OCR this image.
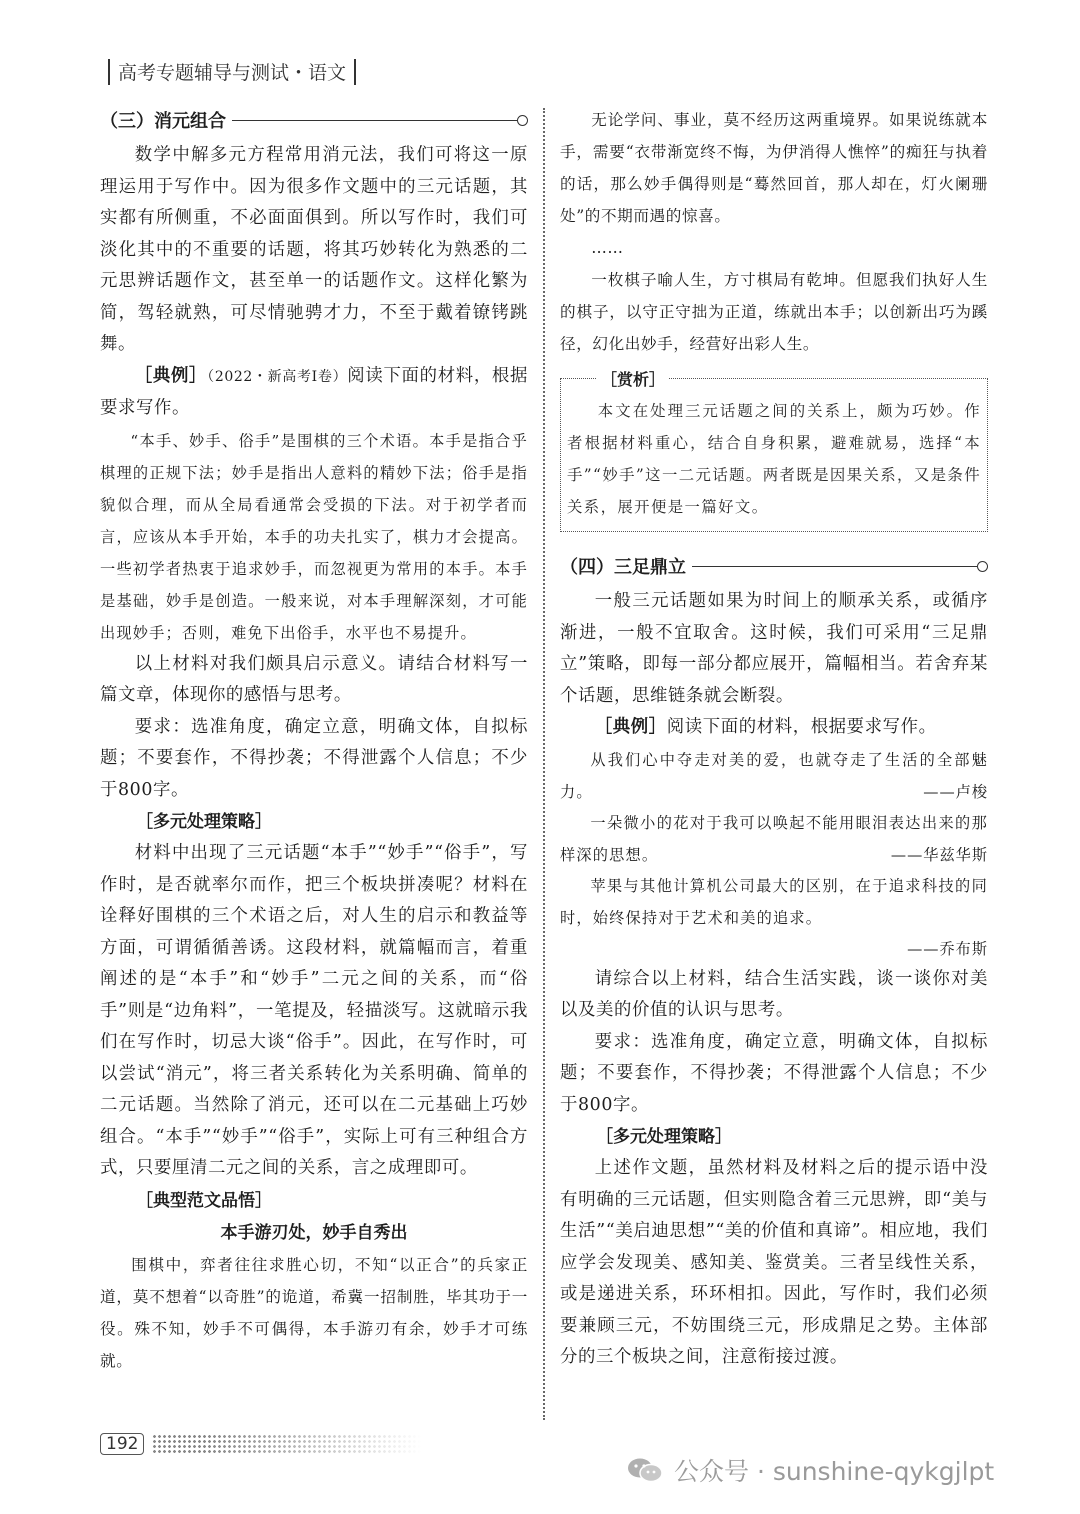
高考专题辅导与测试・语文
（三）消元组合

数学中解多元方程常用消元法，我们可将这一原理运用于写作中。因为很多作文题中的三元话题，其实都有所侧重，不必面面俱到。所以写作时，我们可淡化其中的不重要的话题，将其巧妙转化为熟悉的二元思辨话题作文，甚至单一的话题作文。这样化繁为简，驾轻就熟，可尽情驰骋才力，不至于戴着镣铐跳舞。

［典例］（2022・新高考Ⅰ卷）阅读下面的材料，根据要求写作。

“本手、妙手、俗手”是围棋的三个术语。本手是指合乎棋理的正规下法；妙手是指出人意料的精妙下法；俗手是指貌似合理，而从全局看通常会受损的下法。对于初学者而言，应该从本手开始，本手的功夫扎实了，棋力才会提高。一些初学者热衷于追求妙手，而忽视更为常用的本手。本手是基础，妙手是创造。一般来说，对本手理解深刻，才可能出现妙手；否则，难免下出俗手，水平也不易提升。

以上材料对我们颇具启示意义。请结合材料写一篇文章，体现你的感悟与思考。

要求：选准角度，确定立意，明确文体，自拟标题；不要套作，不得抄袭；不得泄露个人信息；不少于800字。

［多元处理策略］

材料中出现了三元话题“本手”“妙手”“俗手”，写作时，是否就率尔而作，把三个板块拼凑呢？材料在诠释好围棋的三个术语之后，对人生的启示和教益等方面，可谓循循善诱。这段材料，就篇幅而言，着重阐述的是“本手”和“妙手”二元之间的关系，而“俗手”则是“边角料”，一笔提及，轻描淡写。这就暗示我们在写作时，切忌大谈“俗手”。因此，在写作时，可以尝试“消元”，将三者关系转化为关系明确、简单的二元话题。当然除了消元，还可以在二元基础上巧妙组合。“本手”“妙手”“俗手”，实际上可有三种组合方式，只要厘清二元之间的关系，言之成理即可。

［典型范文品悟］
本手游刃处，妙手自秀出

围棋中，弈者往往求胜心切，不知“以正合”的兵家正道，莫不想着“以奇胜”的诡道，希冀一招制胜，毕其功于一役。殊不知，妙手不可偶得，本手游刃有余，妙手才可练就。

无论学问、事业，莫不经历这两重境界。如果说练就本手，需要“衣带渐宽终不悔，为伊消得人憔悴”的痴狂与执着的话，那么妙手偶得则是“蓦然回首，那人却在，灯火阑珊处”的不期而遇的惊喜。

……

一枚棋子喻人生，方寸棋局有乾坤。但愿我们执好人生的棋子，以守正守拙为正道，练就出本手；以创新出巧为蹊径，幻化出妙手，经营好出彩人生。

［赏析］

本文在处理三元话题之间的关系上，颇为巧妙。作者根据材料重心，结合自身积累，避难就易，选择“本手”“妙手”这一二元话题。两者既是因果关系，又是条件关系，展开便是一篇好文。

（四）三足鼎立

一般三元话题如果为时间上的顺承关系，或循序渐进，一般不宜取舍。这时候，我们可采用“三足鼎立”策略，即每一部分都应展开，篇幅相当。若舍弃某个话题，思维链条就会断裂。

［典例］阅读下面的材料，根据要求写作。

从我们心中夺走对美的爱，也就夺走了生活的全部魅力。	——卢梭

一朵微小的花对于我可以唤起不能用眼泪表达出来的那样深的思想。	——华兹华斯

苹果与其他计算机公司最大的区别，在于追求科技的同时，始终保持对于艺术和美的追求。

——乔布斯

请综合以上材料，结合生活实践，谈一谈你对美以及美的价值的认识与思考。

要求：选准角度，确定立意，明确文体，自拟标题；不要套作，不得抄袭；不得泄露个人信息；不少于800字。

［多元处理策略］

上述作文题，虽然材料及材料之后的提示语中没有明确的三元话题，但实则隐含着三元思辨，即“美与生活”“美启迪思想”“美的价值和真谛”。相应地，我们应学会发现美、感知美、鉴赏美。三者呈线性关系，或是递进关系，环环相扣。因此，写作时，我们必须要兼顾三元，不妨围绕三元，形成鼎足之势。主体部分的三个板块之间，注意衔接过渡。

192
公众号 · sunshine-qykgjlpt
